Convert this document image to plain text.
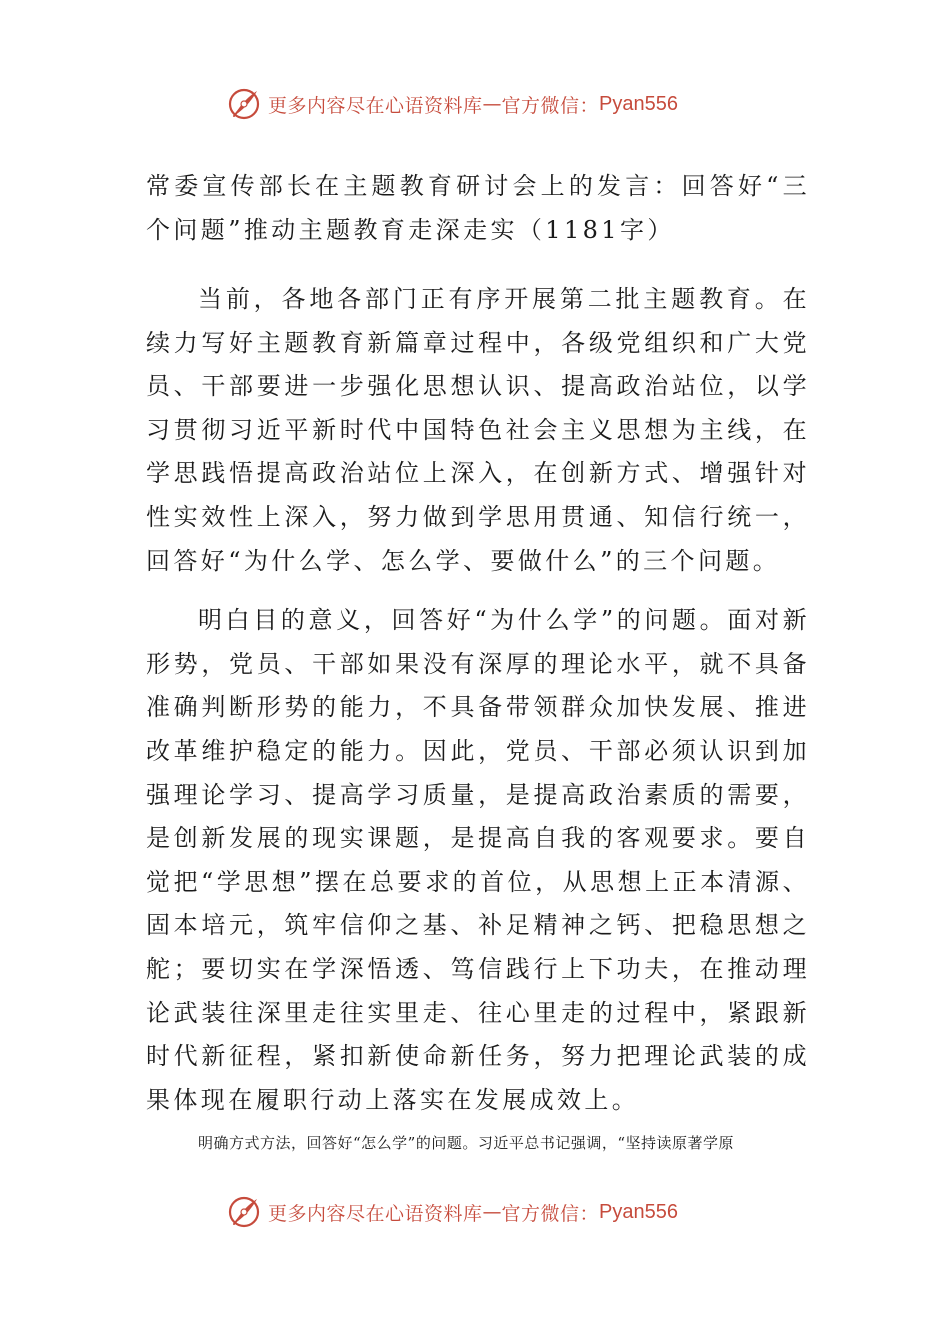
更多内容尽在心语资料库 — 官方微信： Pyan556

常委宣传部长在主题教育研讨会上的发言：回答好“三个问题”推动主题教育走深走实（1181字）

当前，各地各部门正有序开展第二批主题教育。在续力写好主题教育新篇章过程中，各级党组织和广大党员、干部要进一步强化思想认识、提高政治站位，以学习贯彻习近平新时代中国特色社会主义思想为主线，在学思践悟提高政治站位上深入，在创新方式、增强针对性实效性上深入，努力做到学思用贯通、知信行统一，回答好“为什么学、怎么学、要做什么”的三个问题。

明白目的意义，回答好“为什么学”的问题。面对新形势，党员、干部如果没有深厚的理论水平，就不具备准确判断形势的能力，不具备带领群众加快发展、推进改革维护稳定的能力。因此，党员、干部必须认识到加强理论学习、提高学习质量，是提高政治素质的需要，是创新发展的现实课题，是提高自我的客观要求。要自觉把“学思想”摆在总要求的首位，从思想上正本清源、固本培元，筑牢信仰之基、补足精神之钙、把稳思想之舵；要切实在学深悟透、笃信践行上下功夫，在推动理论武装往深里走往实里走、往心里走的过程中，紧跟新时代新征程，紧扣新使命新任务，努力把理论武装的成果体现在履职行动上落实在发展成效上。

明确方式方法，回答好“怎么学”的问题。习近平总书记强调，“坚持读原著学原

更多内容尽在心语资料库 — 官方微信： Pyan556
